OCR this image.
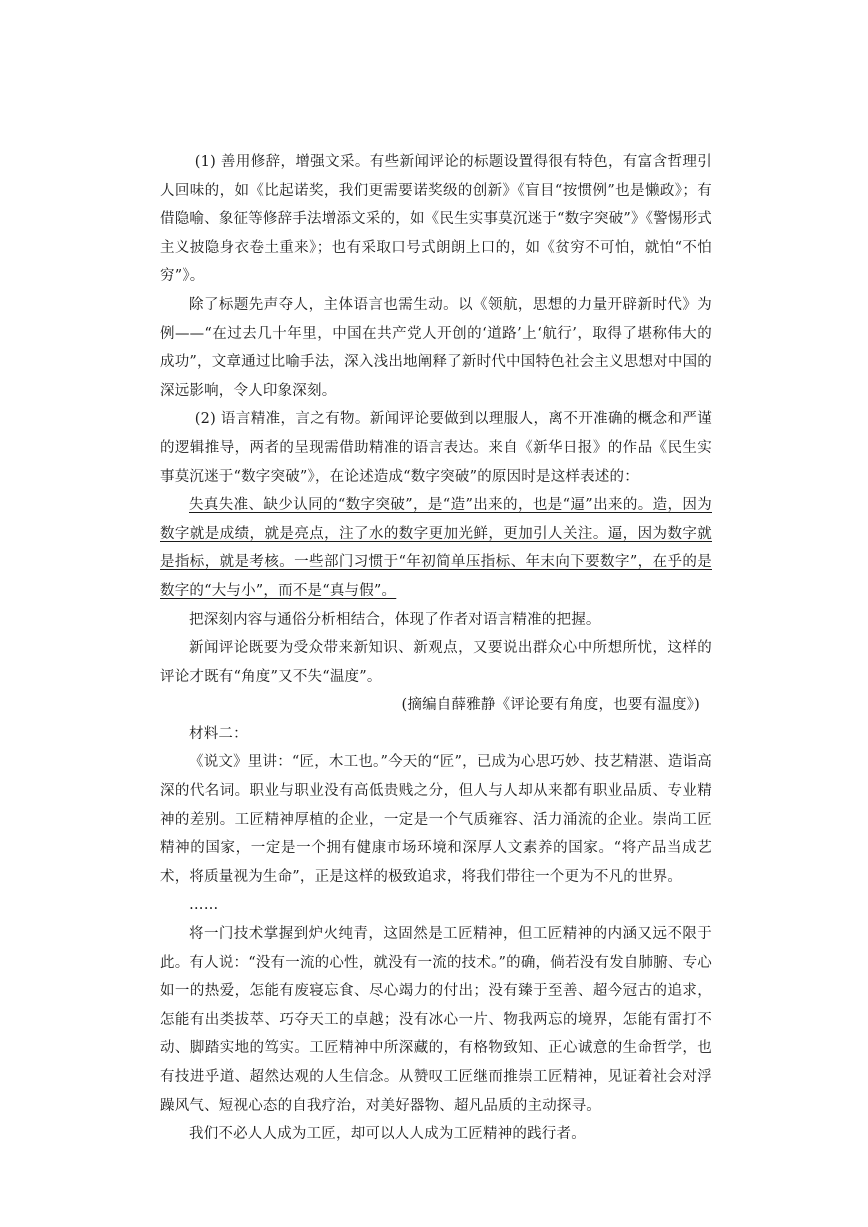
(1) 善用修辞，增强文采。有些新闻评论的标题设置得很有特色，有富含哲理引人回味的，如《比起诺奖，我们更需要诺奖级的创新》《盲目“按惯例”也是懒政》；有借隐喻、象征等修辞手法增添文采的，如《民生实事莫沉迷于“数字突破”》《警惕形式主义披隐身衣卷土重来》；也有采取口号式朗朗上口的，如《贫穷不可怕，就怕“不怕穷”》。

除了标题先声夺人，主体语言也需生动。以《领航，思想的力量开辟新时代》为例——“在过去几十年里，中国在共产党人开创的‘道路’上‘航行’，取得了堪称伟大的成功”，文章通过比喻手法，深入浅出地阐释了新时代中国特色社会主义思想对中国的深远影响，令人印象深刻。

(2) 语言精准，言之有物。新闻评论要做到以理服人，离不开准确的概念和严谨的逻辑推导，两者的呈现需借助精准的语言表达。来自《新华日报》的作品《民生实事莫沉迷于“数字突破”》，在论述造成“数字突破”的原因时是这样表述的：

失真失准、缺少认同的“数字突破”，是“造”出来的，也是“逼”出来的。造，因为数字就是成绩，就是亮点，注了水的数字更加光鲜，更加引人关注。逼，因为数字就是指标，就是考核。一些部门习惯于“年初简单压指标、年末向下要数字”，在乎的是数字的“大与小”，而不是“真与假”。

把深刻内容与通俗分析相结合，体现了作者对语言精准的把握。

新闻评论既要为受众带来新知识、新观点，又要说出群众心中所想所忧，这样的评论才既有“角度”又不失“温度”。

(摘编自薛雅静《评论要有角度，也要有温度》)

材料二：

《说文》里讲：“匠，木工也。”今天的“匠”，已成为心思巧妙、技艺精湛、造诣高深的代名词。职业与职业没有高低贵贱之分，但人与人却从来都有职业品质、专业精神的差别。工匠精神厚植的企业，一定是一个气质雍容、活力涌流的企业。崇尚工匠精神的国家，一定是一个拥有健康市场环境和深厚人文素养的国家。“将产品当成艺术，将质量视为生命”，正是这样的极致追求，将我们带往一个更为不凡的世界。

……

将一门技术掌握到炉火纯青，这固然是工匠精神，但工匠精神的内涵又远不限于此。有人说：“没有一流的心性，就没有一流的技术。”的确，倘若没有发自肺腑、专心如一的热爱，怎能有废寝忘食、尽心竭力的付出；没有臻于至善、超今冠古的追求，怎能有出类拔萃、巧夺天工的卓越；没有冰心一片、物我两忘的境界，怎能有雷打不动、脚踏实地的笃实。工匠精神中所深藏的，有格物致知、正心诚意的生命哲学，也有技进乎道、超然达观的人生信念。从赞叹工匠继而推崇工匠精神，见证着社会对浮躁风气、短视心态的自我疗治，对美好器物、超凡品质的主动探寻。

我们不必人人成为工匠，却可以人人成为工匠精神的践行者。
